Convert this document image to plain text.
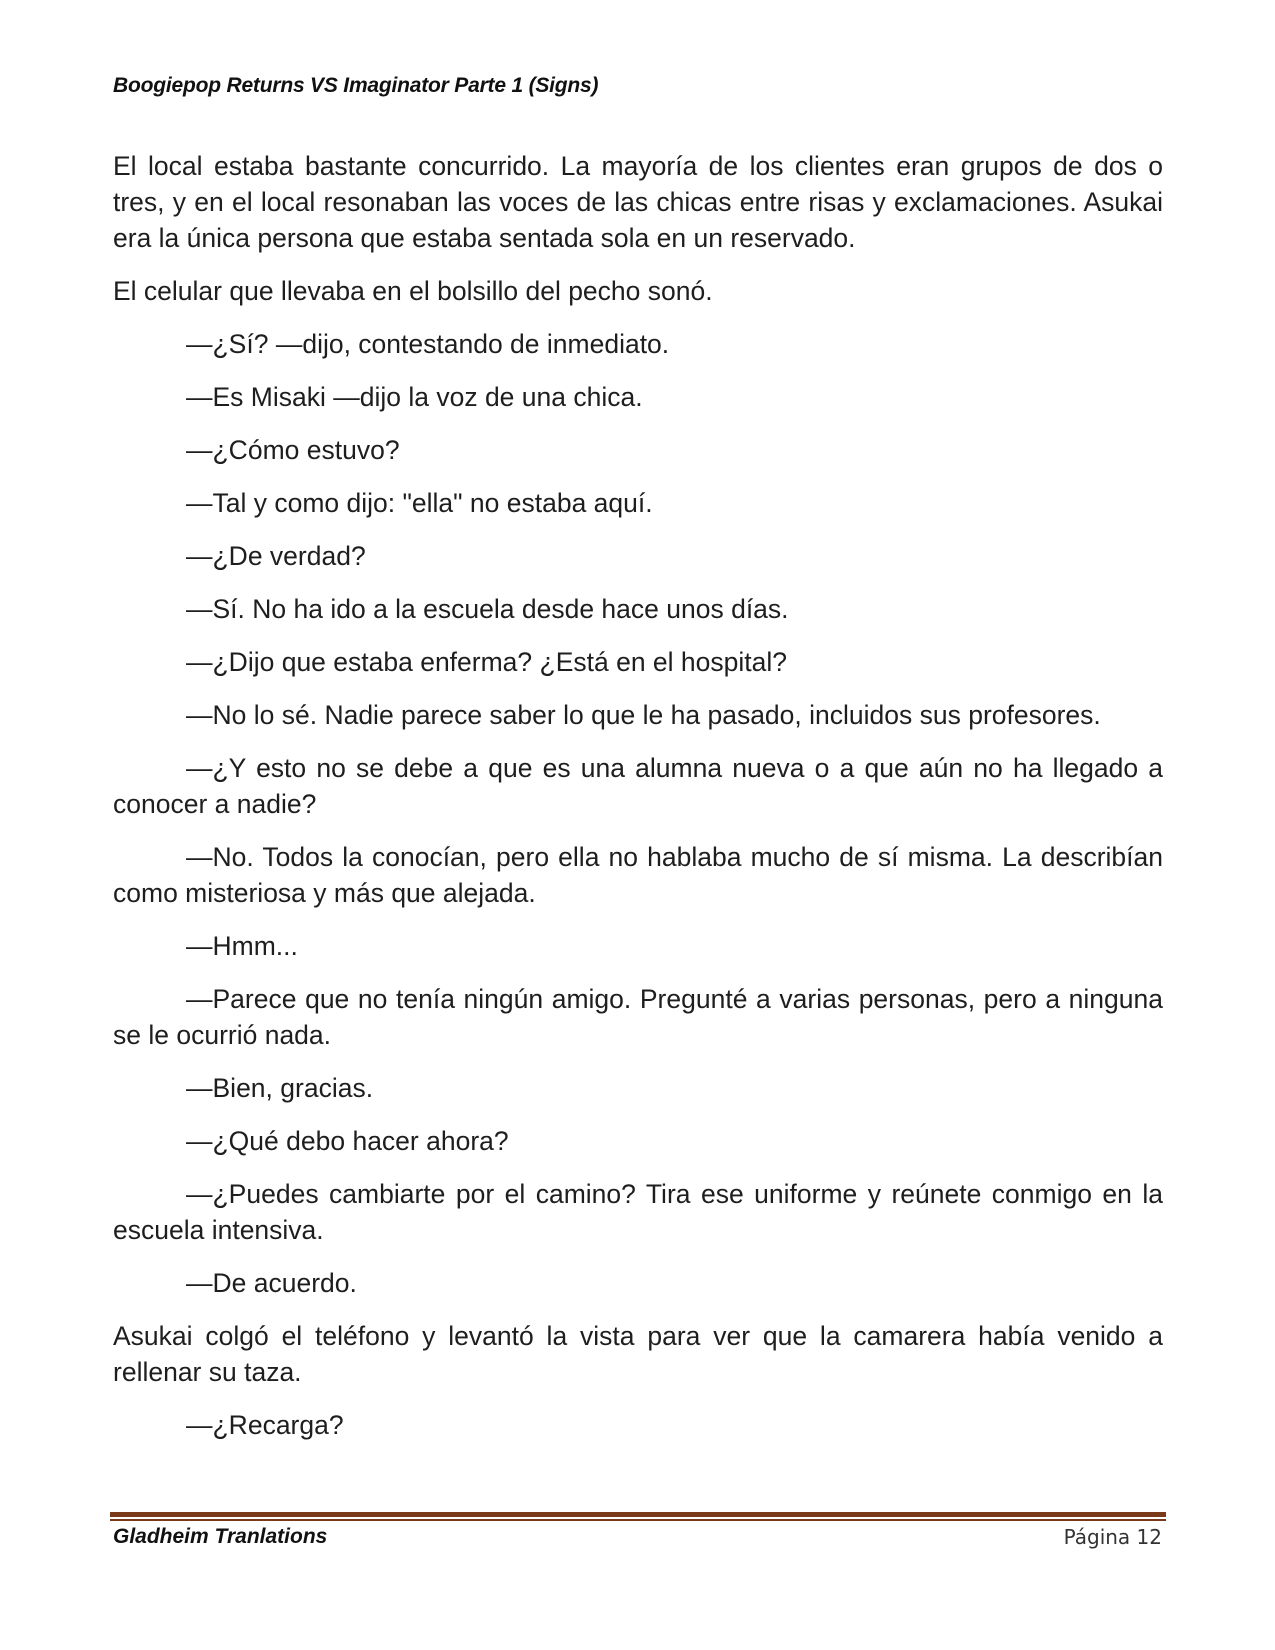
Boogiepop Returns VS Imaginator Parte 1 (Signs)

El local estaba bastante concurrido. La mayoría de los clientes eran grupos de dos o tres, y en el local resonaban las voces de las chicas entre risas y exclamaciones. Asukai era la única persona que estaba sentada sola en un reservado.

El celular que llevaba en el bolsillo del pecho sonó.

—¿Sí? —dijo, contestando de inmediato.

—Es Misaki —dijo la voz de una chica.

—¿Cómo estuvo?

—Tal y como dijo: "ella" no estaba aquí.

—¿De verdad?

—Sí. No ha ido a la escuela desde hace unos días.

—¿Dijo que estaba enferma? ¿Está en el hospital?

—No lo sé. Nadie parece saber lo que le ha pasado, incluidos sus profesores.

—¿Y esto no se debe a que es una alumna nueva o a que aún no ha llegado a conocer a nadie?

—No. Todos la conocían, pero ella no hablaba mucho de sí misma. La describían como misteriosa y más que alejada.

—Hmm...

—Parece que no tenía ningún amigo. Pregunté a varias personas, pero a ninguna se le ocurrió nada.

—Bien, gracias.

—¿Qué debo hacer ahora?

—¿Puedes cambiarte por el camino? Tira ese uniforme y reúnete conmigo en la escuela intensiva.

—De acuerdo.

Asukai colgó el teléfono y levantó la vista para ver que la camarera había venido a rellenar su taza.

—¿Recarga?

Gladheim Tranlations	Página 12
